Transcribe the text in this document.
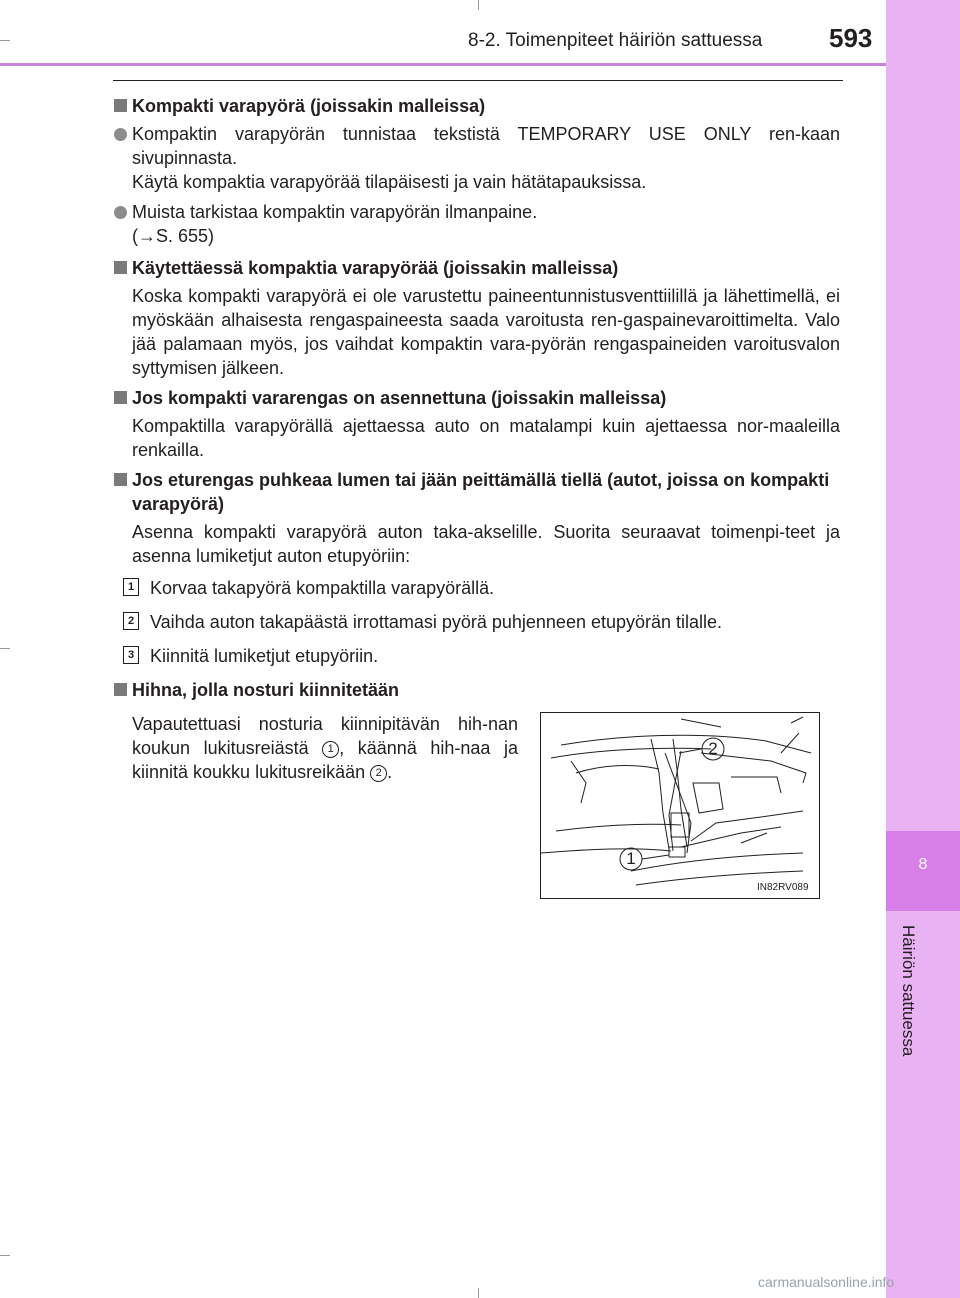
8-2. Toimenpiteet häiriön sattuessa	593
8
Häiriön sattuessa
Kompakti varapyörä (joissakin malleissa)
Kompaktin varapyörän tunnistaa tekstistä TEMPORARY USE ONLY ren-kaan sivupinnasta.
Käytä kompaktia varapyörää tilapäisesti ja vain hätätapauksissa.
Muista tarkistaa kompaktin varapyörän ilmanpaine.
(→S. 655)
Käytettäessä kompaktia varapyörää (joissakin malleissa)
Koska kompakti varapyörä ei ole varustettu paineentunnistusventtiilillä ja lähettimellä, ei myöskään alhaisesta rengaspaineesta saada varoitusta ren-gaspainevaroittimelta. Valo jää palamaan myös, jos vaihdat kompaktin vara-pyörän rengaspaineiden varoitusvalon syttymisen jälkeen.
Jos kompakti vararengas on asennettuna (joissakin malleissa)
Kompaktilla varapyörällä ajettaessa auto on matalampi kuin ajettaessa nor-maaleilla renkailla.
Jos eturengas puhkeaa lumen tai jään peittämällä tiellä (autot, joissa on kompakti varapyörä)
Asenna kompakti varapyörä auton taka-akselille. Suorita seuraavat toimenpi-teet ja asenna lumiketjut auton etupyöriin:
1 Korvaa takapyörä kompaktilla varapyörällä.
2 Vaihda auton takapäästä irrottamasi pyörä puhjenneen etupyörän tilalle.
3 Kiinnitä lumiketjut etupyöriin.
Hihna, jolla nosturi kiinnitetään
Vapautettuasi nosturia kiinnipitävän hih-nan koukun lukitusreiästä 1 , käännä hih-naa ja kiinnitä koukku lukitusreikään 2 .
2
1
IN82RV089
carmanualsonline.info
